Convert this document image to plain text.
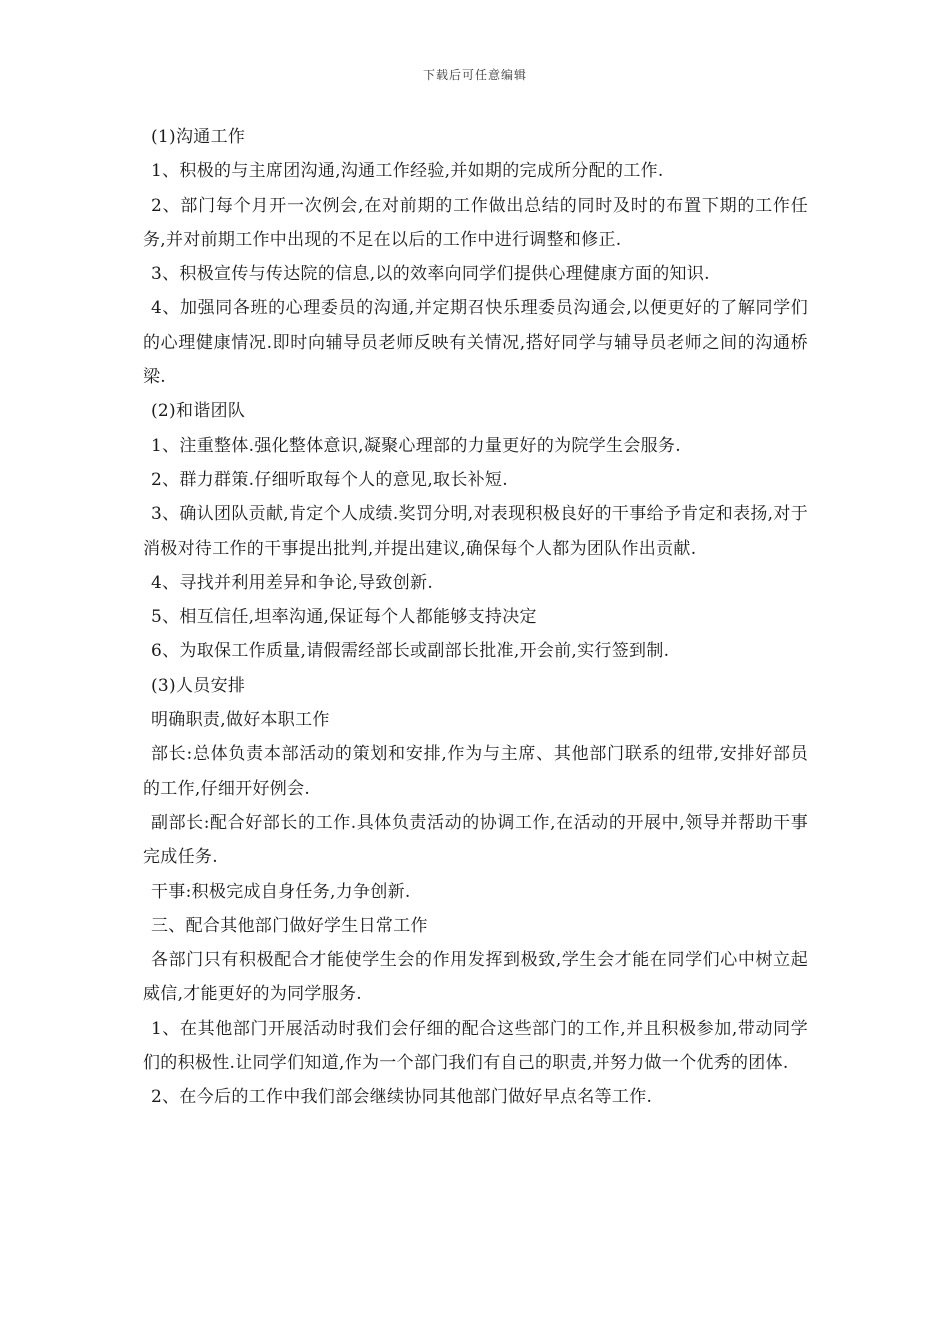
下载后可任意编辑

(1)沟通工作

1、积极的与主席团沟通,沟通工作经验,并如期的完成所分配的工作.

2、部门每个月开一次例会,在对前期的工作做出总结的同时及时的布置下期的工作任务,并对前期工作中出现的不足在以后的工作中进行调整和修正.

3、积极宣传与传达院的信息,以的效率向同学们提供心理健康方面的知识.

4、加强同各班的心理委员的沟通,并定期召快乐理委员沟通会,以便更好的了解同学们的心理健康情况.即时向辅导员老师反映有关情况,搭好同学与辅导员老师之间的沟通桥梁.

(2)和谐团队

1、注重整体.强化整体意识,凝聚心理部的力量更好的为院学生会服务.

2、群力群策.仔细听取每个人的意见,取长补短.

3、确认团队贡献,肯定个人成绩.奖罚分明,对表现积极良好的干事给予肯定和表扬,对于消极对待工作的干事提出批判,并提出建议,确保每个人都为团队作出贡献.

4、寻找并利用差异和争论,导致创新.

5、相互信任,坦率沟通,保证每个人都能够支持决定

6、为取保工作质量,请假需经部长或副部长批准,开会前,实行签到制.

(3)人员安排

明确职责,做好本职工作

部长:总体负责本部活动的策划和安排,作为与主席、其他部门联系的纽带,安排好部员的工作,仔细开好例会.

副部长:配合好部长的工作.具体负责活动的协调工作,在活动的开展中,领导并帮助干事完成任务.

干事:积极完成自身任务,力争创新.

三、配合其他部门做好学生日常工作

各部门只有积极配合才能使学生会的作用发挥到极致,学生会才能在同学们心中树立起威信,才能更好的为同学服务.

1、在其他部门开展活动时我们会仔细的配合这些部门的工作,并且积极参加,带动同学们的积极性.让同学们知道,作为一个部门我们有自己的职责,并努力做一个优秀的团体.

2、在今后的工作中我们部会继续协同其他部门做好早点名等工作.
